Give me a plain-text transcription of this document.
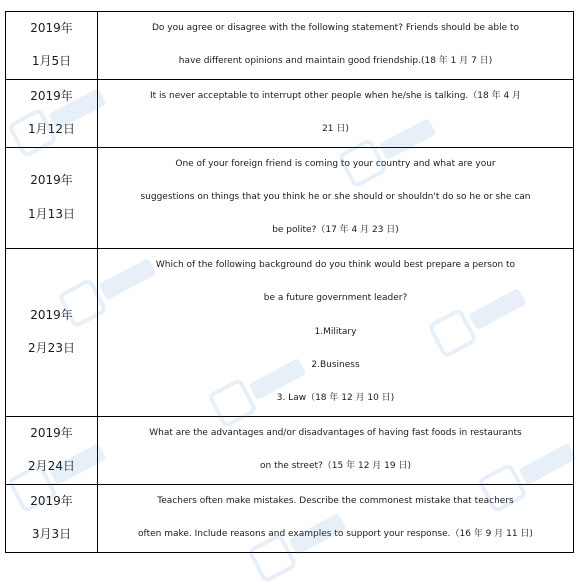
2019年
1月5日	Do you agree or disagree with the following statement? Friends should be able to
have different opinions and maintain good friendship.(18 年 1 月 7 日)

2019年
1月12日	It is never acceptable to interrupt other people when he/she is talking.（18 年 4 月
21 日)

2019年
1月13日	One of your foreign friend is coming to your country and what are your
suggestions on things that you think he or she should or shouldn't do so he or she can
be polite?（17 年 4 月 23 日)

2019年
2月23日	Which of the following background do you think would best prepare a person to
be a future government leader?
1.Military
2.Business
3. Law（18 年 12 月 10 日)

2019年
2月24日	What are the advantages and/or disadvantages of having fast foods in restaurants
on the street?（15 年 12 月 19 日)

2019年
3月3日	Teachers often make mistakes. Describe the commonest mistake that teachers
often make. Include reasons and examples to support your response.（16 年 9 月 11 日)
